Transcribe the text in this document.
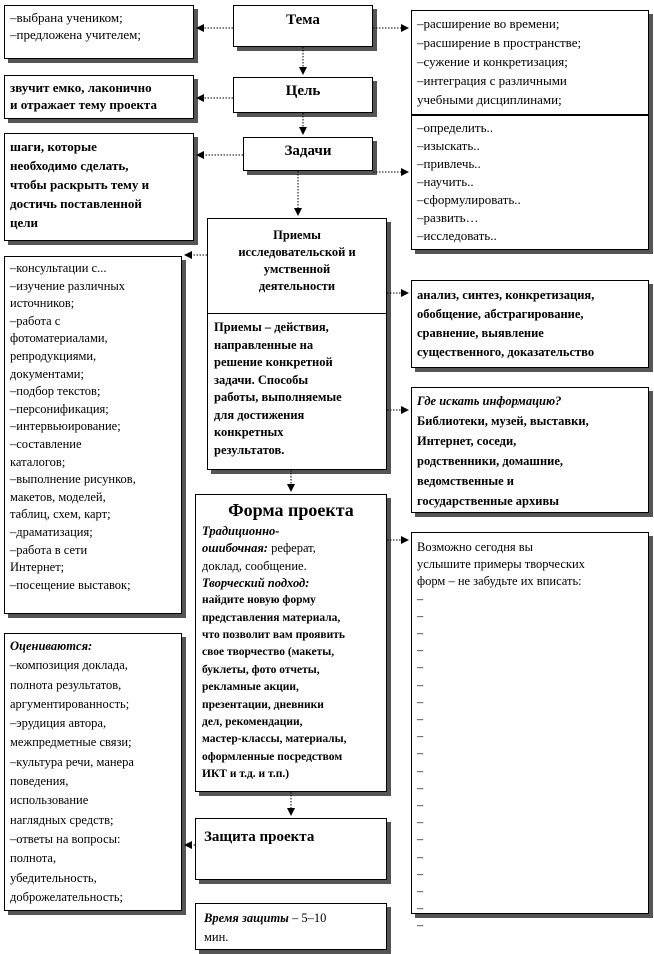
–выбрана учеником;
–предложена учителем;
Тема	–расширение во времени;
–расширение в пространстве;
–сужение и конкретизация;
–интеграция с различными
учебными дисциплинами;
звучит емко, лаконично
и отражает тему проекта
Цель
шаги, которые
необходимо сделать,
чтобы раскрыть тему и
достичь поставленной
цели
Задачи
–определить..
–изыскать..
–привлечь..
–научить..
–сформулировать..
–развить…
–исследовать..
–консультации с...
–изучение различных
источников;
–работа с
фотоматериалами,
репродукциями,
документами;
–подбор текстов;
–персонификация;
–интервьюирование;
–составление
каталогов;
–выполнение рисунков,
макетов, моделей,
таблиц, схем, карт;
–драматизация;
–работа в сети
Интернет;
–посещение выставок;
Приемы
исследовательской и
умственной
деятельности
Приемы – действия,
направленные на
решение конкретной
задачи. Способы
работы, выполняемые
для достижения
конкретных
результатов.
анализ, синтез, конкретизация,
обобщение, абстрагирование,
сравнение, выявление
существенного, доказательство
Где искать информацию?
Библиотеки, музей, выставки,
Интернет, соседи,
родственники, домашние,
ведомственные и
государственные архивы
Форма проекта
Традиционно-
ошибочная: реферат,
доклад, сообщение.
Творческий подход:
найдите новую форму
представления материала,
что позволит вам проявить
свое творчество (макеты,
буклеты, фото отчеты,
рекламные акции,
презентации, дневники
дел, рекомендации,
мастер-классы, материалы,
оформленные посредством
ИКТ и т.д. и т.п.)
Возможно сегодня вы
услышите примеры творческих
форм – не забудьте их вписать:
–
–
–
–
–
–
–
–
–
–
–
–
–
–
–
–
–
–
–
–
Оцениваются:
–композиция доклада,
полнота результатов,
аргументированность;
–эрудиция автора,
межпредметные связи;
–культура речи, манера
поведения,
использование
наглядных средств;
–ответы на вопросы:
полнота,
убедительность,
доброжелательность;
Защита проекта
Время защиты – 5–10
мин.
